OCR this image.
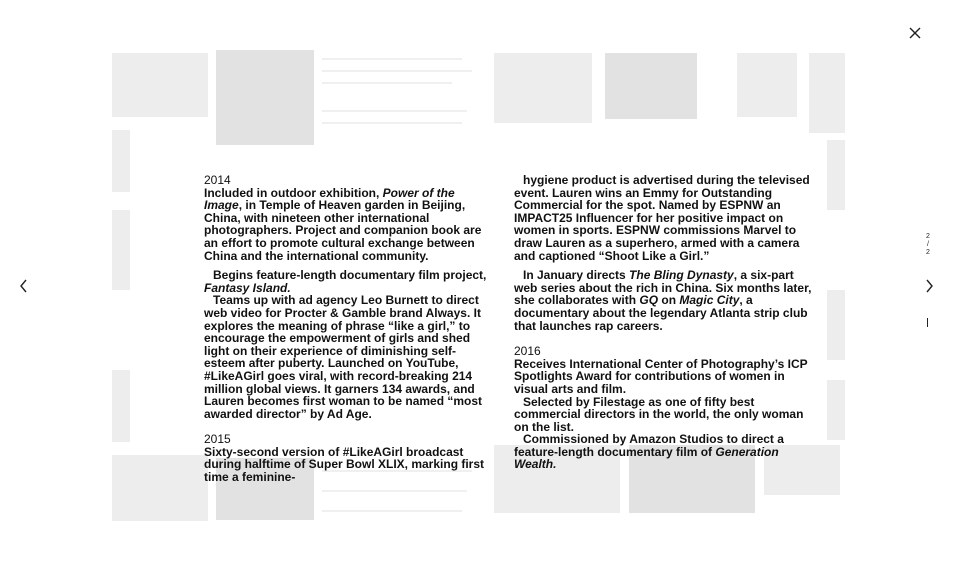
2
/
2

2014

Included in outdoor exhibition, Power of the Image, in Temple of Heaven garden in Beijing, China, with nineteen other international photographers. Project and companion book are an effort to promote cultural exchange between China and the international community.

Begins feature-length documentary film project, Fantasy Island.

Teams up with ad agency Leo Burnett to direct web video for Procter & Gamble brand Always. It explores the meaning of phrase “like a girl,” to encourage the empowerment of girls and shed light on their experience of diminishing self-esteem after puberty. Launched on YouTube, #LikeAGirl goes viral, with record-breaking 214 million global views. It garners 134 awards, and Lauren becomes first woman to be named “most awarded director” by Ad Age.

2015

Sixty-second version of #LikeAGirl broadcast during halftime of Super Bowl XLIX, marking first time a feminine-

hygiene product is advertised during the televised event. Lauren wins an Emmy for Outstanding Commercial for the spot. Named by ESPNW an IMPACT25 Influencer for her positive impact on women in sports. ESPNW commissions Marvel to draw Lauren as a superhero, armed with a camera and captioned “Shoot Like a Girl.”

In January directs The Bling Dynasty, a six-part web series about the rich in China. Six months later, she collaborates with GQ on Magic City, a documentary about the legendary Atlanta strip club that launches rap careers.

2016

Receives International Center of Photography’s ICP Spotlights Award for contributions of women in visual arts and film.

Selected by Filestage as one of fifty best commercial directors in the world, the only woman on the list.

Commissioned by Amazon Studios to direct a feature-length documentary film of Generation Wealth.
